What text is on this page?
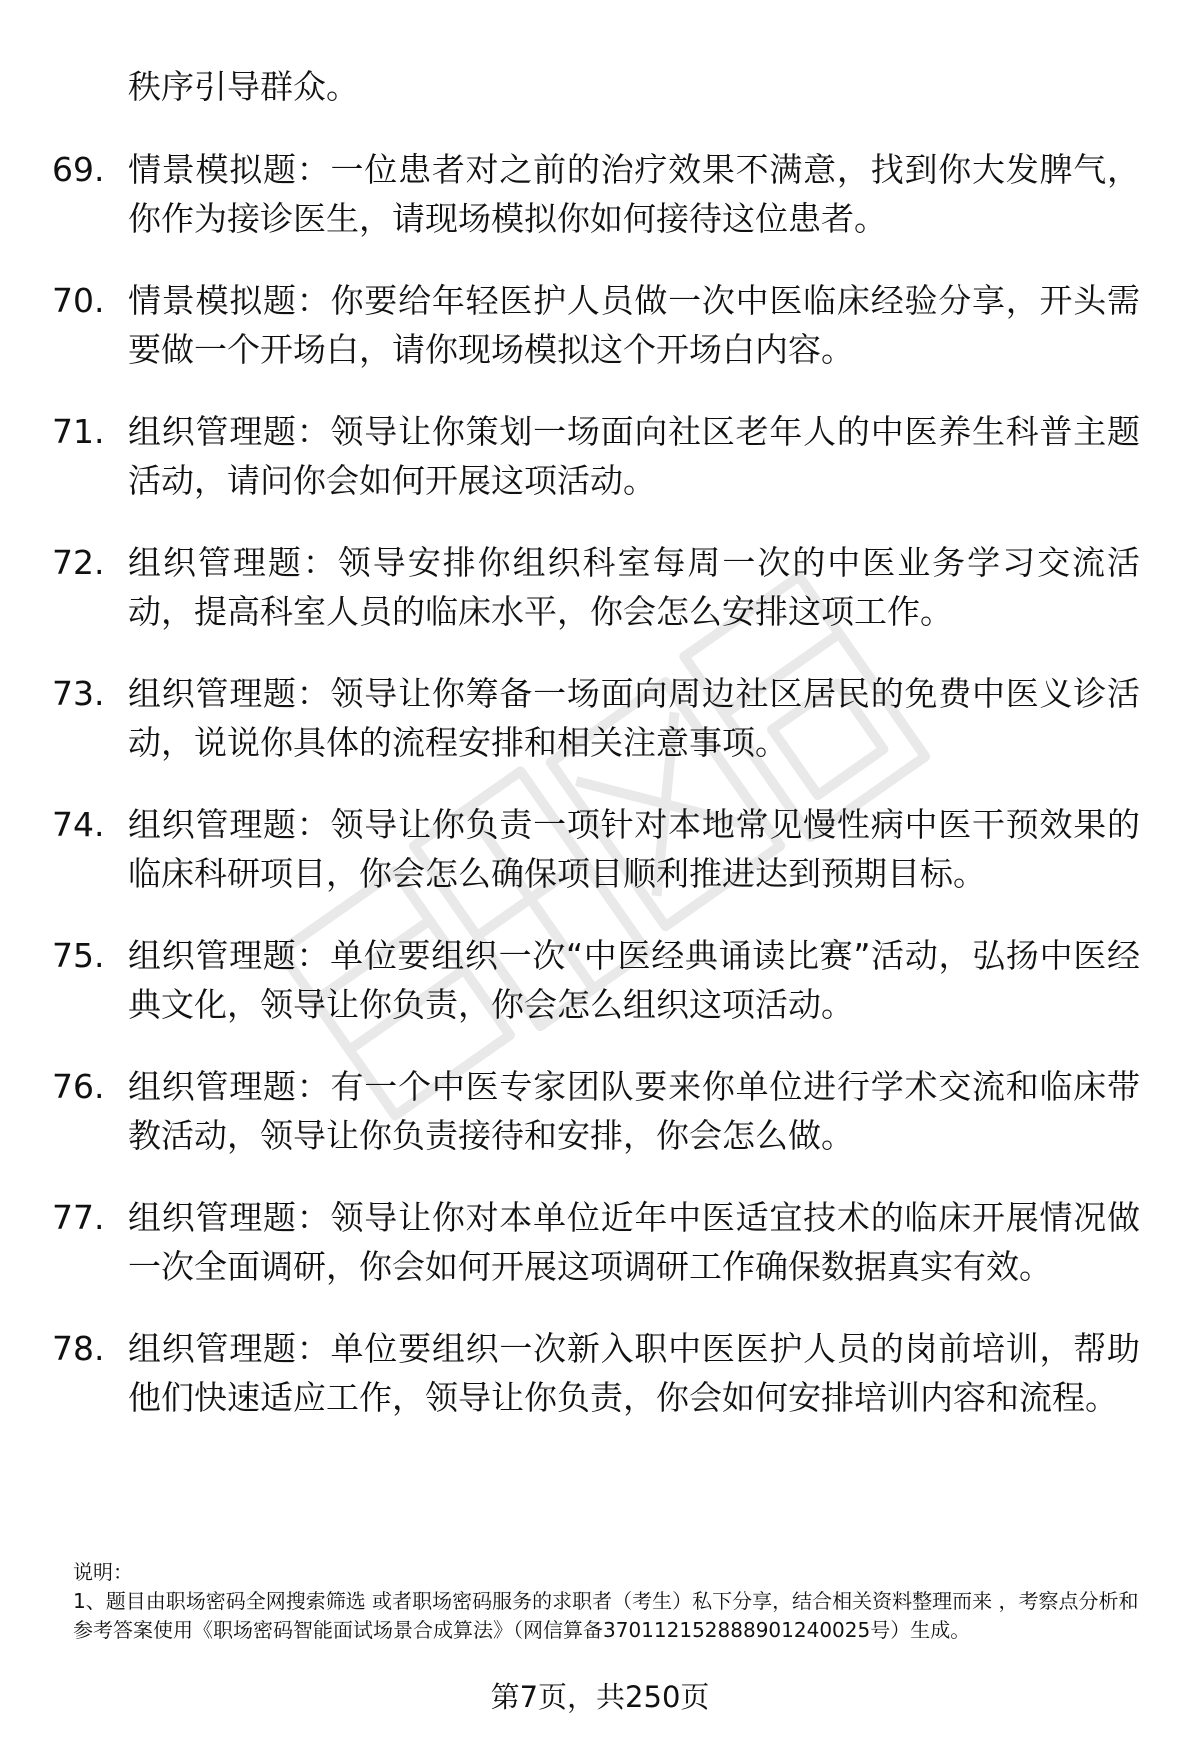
秩序引导群众。
69. 情景模拟题：一位患者对之前的治疗效果不满意，找到你大发脾气，你作为接诊医生，请现场模拟你如何接待这位患者。
70. 情景模拟题：你要给年轻医护人员做一次中医临床经验分享，开头需要做一个开场白，请你现场模拟这个开场白内容。
71. 组织管理题：领导让你策划一场面向社区老年人的中医养生科普主题活动，请问你会如何开展这项活动。
72. 组织管理题：领导安排你组织科室每周一次的中医业务学习交流活动，提高科室人员的临床水平，你会怎么安排这项工作。
73. 组织管理题：领导让你筹备一场面向周边社区居民的免费中医义诊活动，说说你具体的流程安排和相关注意事项。
74. 组织管理题：领导让你负责一项针对本地常见慢性病中医干预效果的临床科研项目，你会怎么确保项目顺利推进达到预期目标。
75. 组织管理题：单位要组织一次“中医经典诵读比赛”活动，弘扬中医经典文化，领导让你负责，你会怎么组织这项活动。
76. 组织管理题：有一个中医专家团队要来你单位进行学术交流和临床带教活动，领导让你负责接待和安排，你会怎么做。
77. 组织管理题：领导让你对本单位近年中医适宜技术的临床开展情况做一次全面调研，你会如何开展这项调研工作确保数据真实有效。
78. 组织管理题：单位要组织一次新入职中医医护人员的岗前培训，帮助他们快速适应工作，领导让你负责，你会如何安排培训内容和流程。
说明：
1、题目由职场密码全网搜索筛选 或者职场密码服务的求职者（考生）私下分享，结合相关资料整理而来 ，考察点分析和参考答案使用《职场密码智能面试场景合成算法》（网信算备370112152888901240025号）生成。
第7页，共250页
